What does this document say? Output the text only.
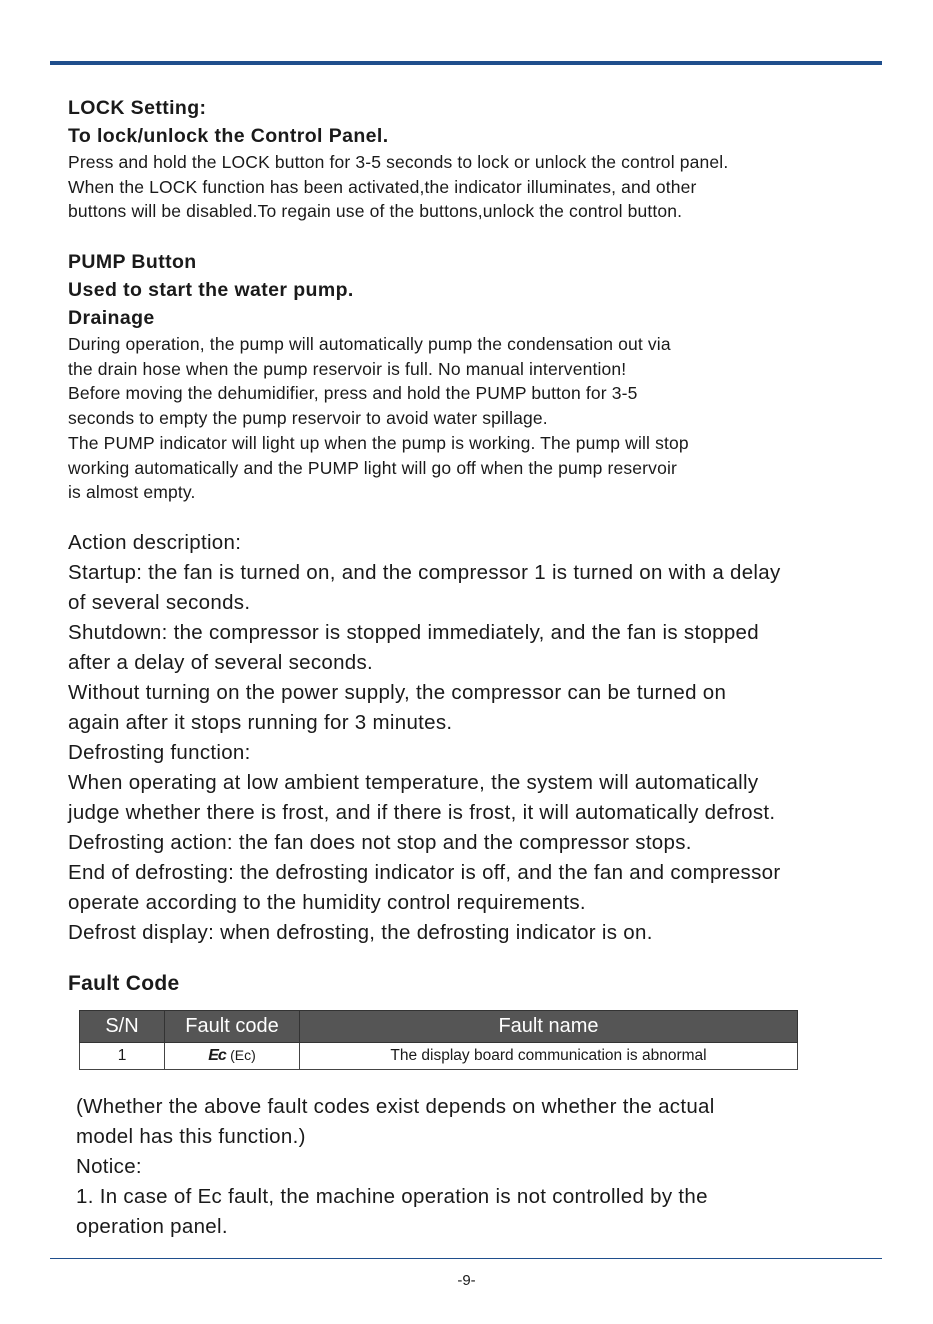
LOCK Setting:

To lock/unlock the Control Panel.

Press and hold the LOCK button for 3-5 seconds to lock or unlock the control panel.

When the LOCK function has been activated,the indicator illuminates, and other

buttons will be disabled.To regain use of the buttons,unlock the control button.

PUMP Button

Used to start the water pump.

Drainage

During operation, the pump will automatically pump the condensation out via

the drain hose when the pump reservoir is full. No manual intervention!

Before moving the dehumidifier, press and hold the PUMP button for 3-5

seconds to empty the pump reservoir to avoid water spillage.

The PUMP indicator will light up when the pump is working. The pump will stop

working automatically and the PUMP light will go off when the pump reservoir

is almost empty.

Action description:

Startup: the fan is turned on, and the compressor 1 is turned on with a delay

of several seconds.

Shutdown: the compressor is stopped immediately, and the fan is stopped

after a delay of several seconds.

Without turning on the power supply, the compressor can be turned on

again after it stops running for 3 minutes.

Defrosting function:

When operating at low ambient temperature, the system will automatically

judge whether there is frost, and if there is frost, it will automatically defrost.

Defrosting action: the fan does not stop and the compressor stops.

End of defrosting: the defrosting indicator is off, and the fan and compressor

operate according to the humidity control requirements.

Defrost display: when defrosting, the defrosting indicator is on.

Fault Code

S/N	Fault code	Fault name
1	Ec (Ec)	The display board communication is abnormal

(Whether the above fault codes exist depends on whether the actual

model has this function.)

Notice:

1. In case of Ec fault, the machine operation is not controlled by the

operation panel.

-9-
